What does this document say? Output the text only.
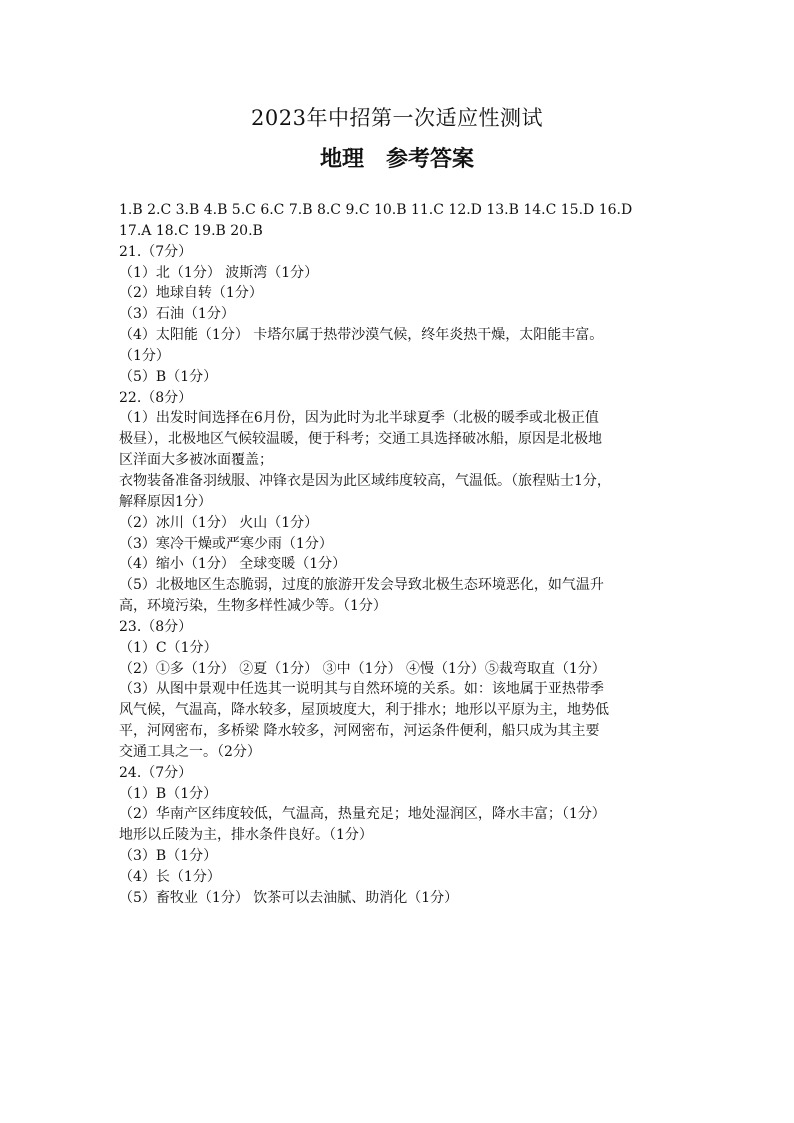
2023年中招第一次适应性测试
地理　参考答案
1.B 2.C 3.B 4.B 5.C 6.C 7.B 8.C 9.C 10.B 11.C 12.D 13.B 14.C 15.D 16.D
17.A 18.C 19.B 20.B
21.（7分）
（1）北（1分） 波斯湾（1分）
（2）地球自转（1分）
（3）石油（1分）
（4）太阳能（1分） 卡塔尔属于热带沙漠气候，终年炎热干燥，太阳能丰富。
（1分）
（5）B（1分）
22.（8分）
（1）出发时间选择在6月份，因为此时为北半球夏季（北极的暖季或北极正值
极昼），北极地区气候较温暖，便于科考；交通工具选择破冰船，原因是北极地
区洋面大多被冰面覆盖；
衣物装备准备羽绒服、冲锋衣是因为此区域纬度较高，气温低。（旅程贴士1分，
解释原因1分）
（2）冰川（1分） 火山（1分）
（3）寒冷干燥或严寒少雨（1分）
（4）缩小（1分） 全球变暖（1分）
（5）北极地区生态脆弱，过度的旅游开发会导致北极生态环境恶化，如气温升
高，环境污染，生物多样性减少等。（1分）
23.（8分）
（1）C（1分）
（2）①多（1分） ②夏（1分） ③中（1分） ④慢（1分）⑤裁弯取直（1分）
（3）从图中景观中任选其一说明其与自然环境的关系。如：该地属于亚热带季
风气候，气温高，降水较多，屋顶坡度大，利于排水；地形以平原为主，地势低
平，河网密布，多桥梁 降水较多，河网密布，河运条件便利，船只成为其主要
交通工具之一。（2分）
24.（7分）
（1）B（1分）
（2）华南产区纬度较低，气温高，热量充足；地处湿润区，降水丰富；（1分）
地形以丘陵为主，排水条件良好。（1分）
（3）B（1分）
（4）长（1分）
（5）畜牧业（1分） 饮茶可以去油腻、助消化（1分）
